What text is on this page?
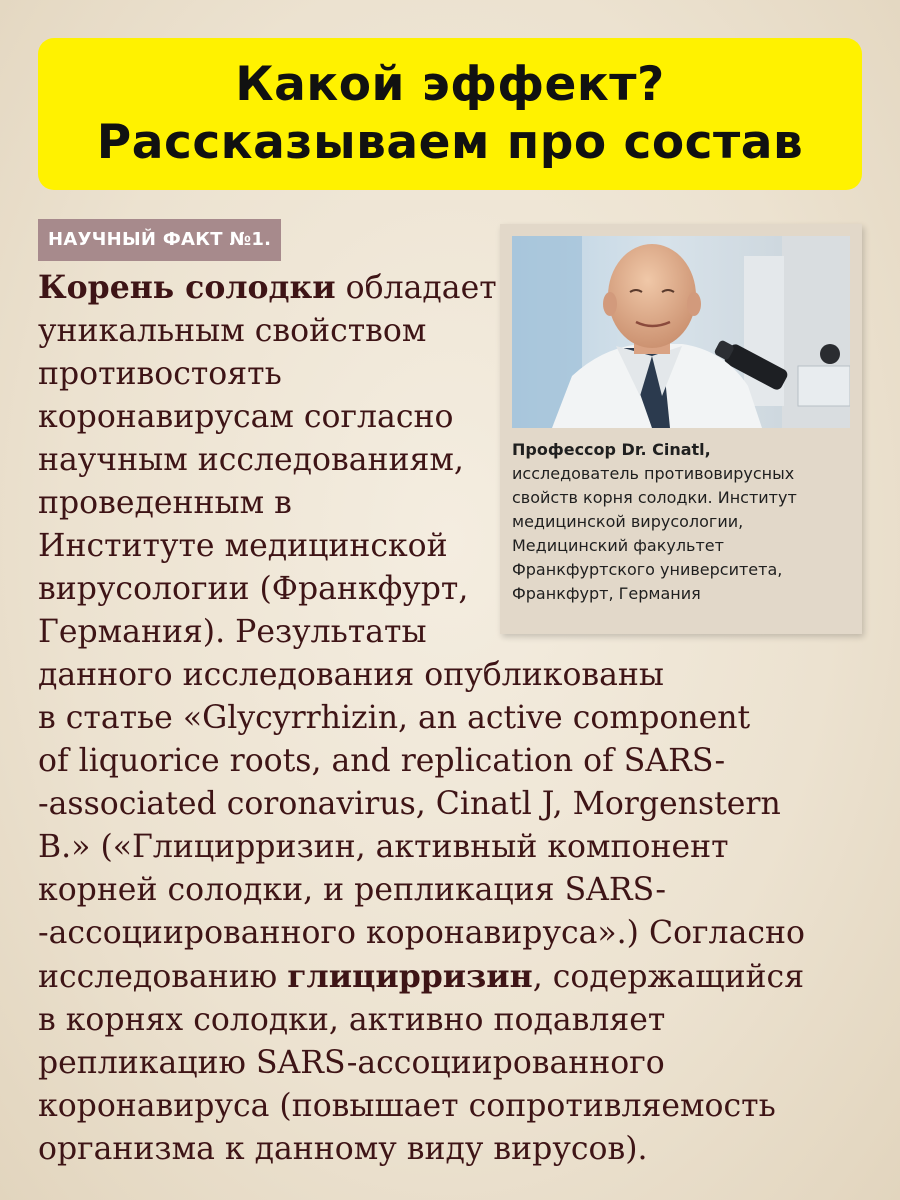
Какой эффект?
Рассказываем про состав
НАУЧНЫЙ ФАКТ №1.
Профессор Dr. Cinatl,
исследователь противовирусных
свойств корня солодки. Институт
медицинской вирусологии,
Медицинский факультет
Франкфуртского университета,
Франкфурт, Германия
Корень солодки обладает
уникальным свойством
противостоять
коронавирусам согласно
научным исследованиям,
проведенным в
Институте медицинской
вирусологии (Франкфурт,
Германия). Результаты
данного исследования опубликованы
в статье «Glycyrrhizin, an active component
of liquorice roots, and replication of SARS-
-associated coronavirus, Cinatl J, Morgenstern
B.» («Глицирризин, активный компонент
корней солодки, и репликация SARS-
-ассоциированного коронавируса».) Согласно
исследованию глицирризин, содержащийся
в корнях солодки, активно подавляет
репликацию SARS-ассоциированного
коронавируса (повышает сопротивляемость
организма к данному виду вирусов).
